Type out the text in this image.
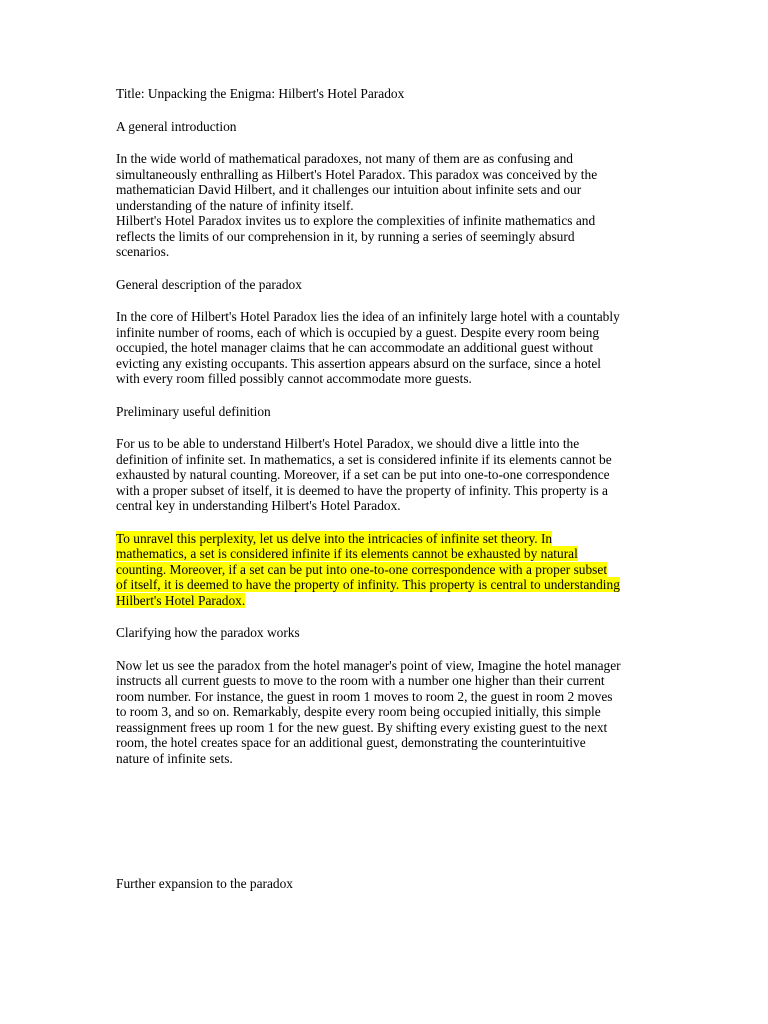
Title: Unpacking the Enigma: Hilbert's Hotel Paradox
A general introduction
In the wide world of mathematical paradoxes, not many of them are as confusing and
simultaneously enthralling as Hilbert's Hotel Paradox. This paradox was conceived by the
mathematician David Hilbert, and it challenges our intuition about infinite sets and our
understanding of the nature of infinity itself.
Hilbert's Hotel Paradox invites us to explore the complexities of infinite mathematics and
reflects the limits of our comprehension in it, by running a series of seemingly absurd
scenarios.
General description of the paradox
In the core of Hilbert's Hotel Paradox lies the idea of an infinitely large hotel with a countably
infinite number of rooms, each of which is occupied by a guest. Despite every room being
occupied, the hotel manager claims that he can accommodate an additional guest without
evicting any existing occupants. This assertion appears absurd on the surface, since a hotel
with every room filled possibly cannot accommodate more guests.
Preliminary useful definition
For us to be able to understand Hilbert's Hotel Paradox, we should dive a little into the
definition of infinite set. In mathematics, a set is considered infinite if its elements cannot be
exhausted by natural counting. Moreover, if a set can be put into one-to-one correspondence
with a proper subset of itself, it is deemed to have the property of infinity. This property is a
central key in understanding Hilbert's Hotel Paradox.
To unravel this perplexity, let us delve into the intricacies of infinite set theory. In
mathematics, a set is considered infinite if its elements cannot be exhausted by natural
counting. Moreover, if a set can be put into one-to-one correspondence with a proper subset
of itself, it is deemed to have the property of infinity. This property is central to understanding
Hilbert's Hotel Paradox.
Clarifying how the paradox works
Now let us see the paradox from the hotel manager's point of view, Imagine the hotel manager
instructs all current guests to move to the room with a number one higher than their current
room number. For instance, the guest in room 1 moves to room 2, the guest in room 2 moves
to room 3, and so on. Remarkably, despite every room being occupied initially, this simple
reassignment frees up room 1 for the new guest. By shifting every existing guest to the next
room, the hotel creates space for an additional guest, demonstrating the counterintuitive
nature of infinite sets.
Further expansion to the paradox
